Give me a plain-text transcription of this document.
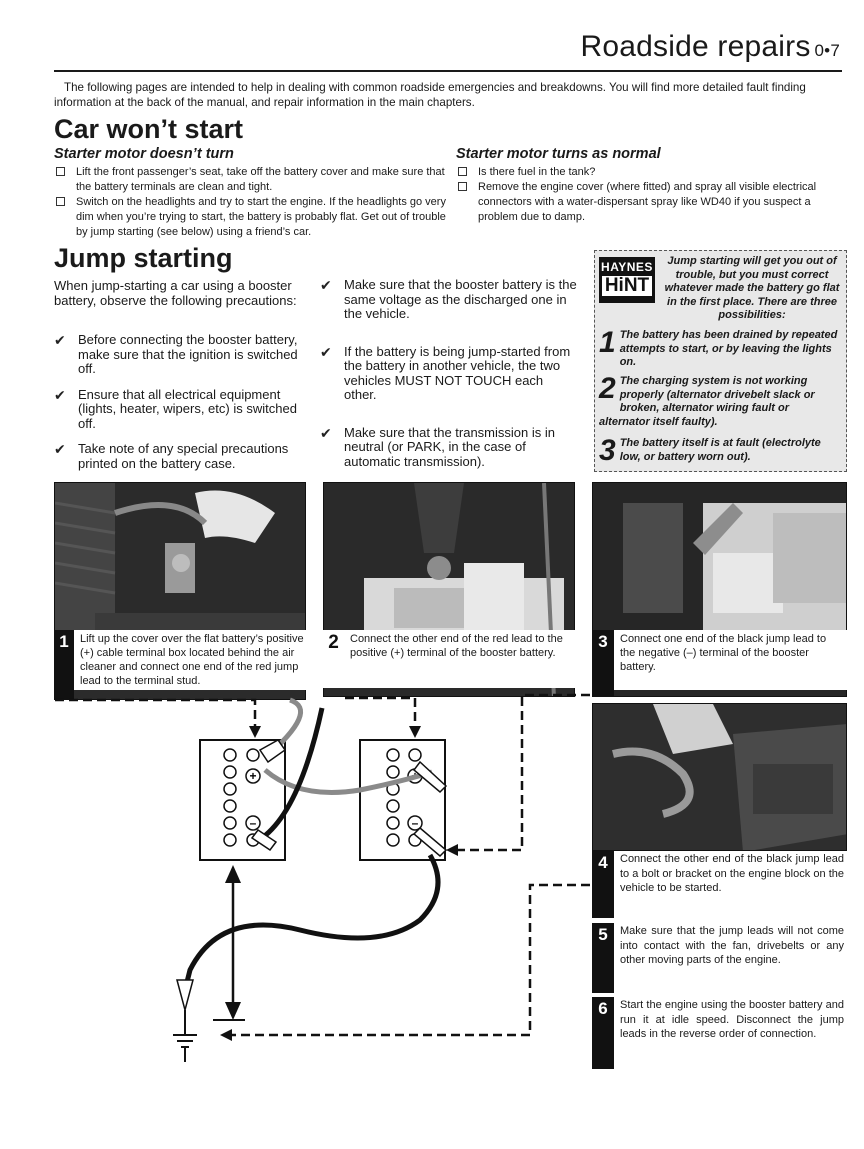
Roadside repairs 0•7
The following pages are intended to help in dealing with common roadside emergencies and breakdowns. You will find more detailed fault finding information at the back of the manual, and repair information in the main chapters.
Car won’t start
Starter motor doesn’t turn
Lift the front passenger’s seat, take off the battery cover and make sure that the battery terminals are clean and tight.
Switch on the headlights and try to start the engine. If the headlights go very dim when you’re trying to start, the battery is probably flat. Get out of trouble by jump starting (see below) using a friend’s car.
Starter motor turns as normal
Is there fuel in the tank?
Remove the engine cover (where fitted) and spray all visible electrical connectors with a water-dispersant spray like WD40 if you suspect a problem due to damp.
Jump starting
When jump-starting a car using a booster battery, observe the following precautions:
✔ Before connecting the booster battery, make sure that the ignition is switched off.
✔ Ensure that all electrical equipment (lights, heater, wipers, etc) is switched off.
✔ Take note of any special precautions printed on the battery case.
✔ Make sure that the booster battery is the same voltage as the discharged one in the vehicle.
✔ If the battery is being jump-started from the battery in another vehicle, the two vehicles MUST NOT TOUCH each other.
✔ Make sure that the transmission is in neutral (or PARK, in the case of automatic transmission).
HAYNES
HiNT
Jump starting will get you out of trouble, but you must correct whatever made the battery go flat in the first place. There are three possibilities:
1 The battery has been drained by repeated attempts to start, or by leaving the lights on.
2 The charging system is not working properly (alternator drivebelt slack or broken, alternator wiring fault or alternator itself faulty).
3 The battery itself is at fault (electrolyte low, or battery worn out).
Lift up the cover over the flat battery’s positive (+) cable terminal box located behind the air cleaner and connect one end of the red jump lead to the terminal stud.
1	Connect the other end of the red lead to the positive (+) terminal of the booster battery.
2	Connect one end of the black jump lead to the negative (–) terminal of the booster battery.
3
4	Connect the other end of the black jump lead to a bolt or bracket on the engine block on the vehicle to be started.
5	Make sure that the jump leads will not come into contact with the fan, drivebelts or any other moving parts of the engine.
6	Start the engine using the booster battery and run it at idle speed. Disconnect the jump leads in the reverse order of connection.
+
–
+
–
